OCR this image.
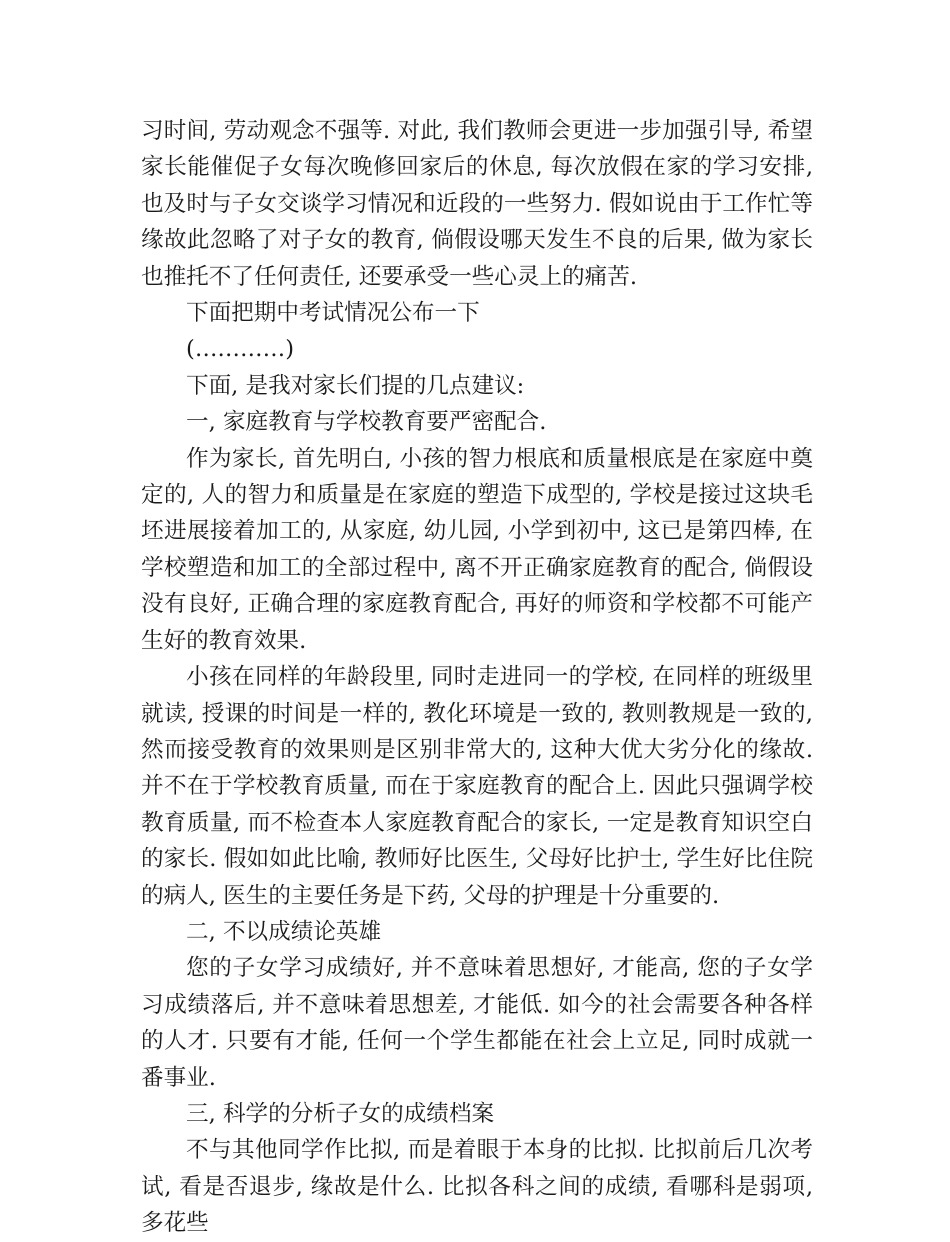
习时间, 劳动观念不强等. 对此, 我们教师会更进一步加强引导, 希望家长能催促子女每次晚修回家后的休息, 每次放假在家的学习安排, 也及时与子女交谈学习情况和近段的一些努力. 假如说由于工作忙等缘故此忽略了对子女的教育, 倘假设哪天发生不良的后果, 做为家长也推托不了任何责任, 还要承受一些心灵上的痛苦.

下面把期中考试情况公布一下

(…………)

下面, 是我对家长们提的几点建议:

一, 家庭教育与学校教育要严密配合.

作为家长, 首先明白, 小孩的智力根底和质量根底是在家庭中奠定的, 人的智力和质量是在家庭的塑造下成型的, 学校是接过这块毛坯进展接着加工的, 从家庭, 幼儿园, 小学到初中, 这已是第四棒, 在学校塑造和加工的全部过程中, 离不开正确家庭教育的配合, 倘假设没有良好, 正确合理的家庭教育配合, 再好的师资和学校都不可能产生好的教育效果.

小孩在同样的年龄段里, 同时走进同一的学校, 在同样的班级里就读, 授课的时间是一样的, 教化环境是一致的, 教则教规是一致的, 然而接受教育的效果则是区别非常大的, 这种大优大劣分化的缘故. 并不在于学校教育质量, 而在于家庭教育的配合上. 因此只强调学校教育质量, 而不检查本人家庭教育配合的家长, 一定是教育知识空白的家长. 假如如此比喻, 教师好比医生, 父母好比护士, 学生好比住院的病人, 医生的主要任务是下药, 父母的护理是十分重要的.

二, 不以成绩论英雄

您的子女学习成绩好, 并不意味着思想好, 才能高, 您的子女学习成绩落后, 并不意味着思想差, 才能低. 如今的社会需要各种各样的人才. 只要有才能, 任何一个学生都能在社会上立足, 同时成就一番事业.

三, 科学的分析子女的成绩档案

不与其他同学作比拟, 而是着眼于本身的比拟. 比拟前后几次考试, 看是否退步, 缘故是什么. 比拟各科之间的成绩, 看哪科是弱项, 多花些
